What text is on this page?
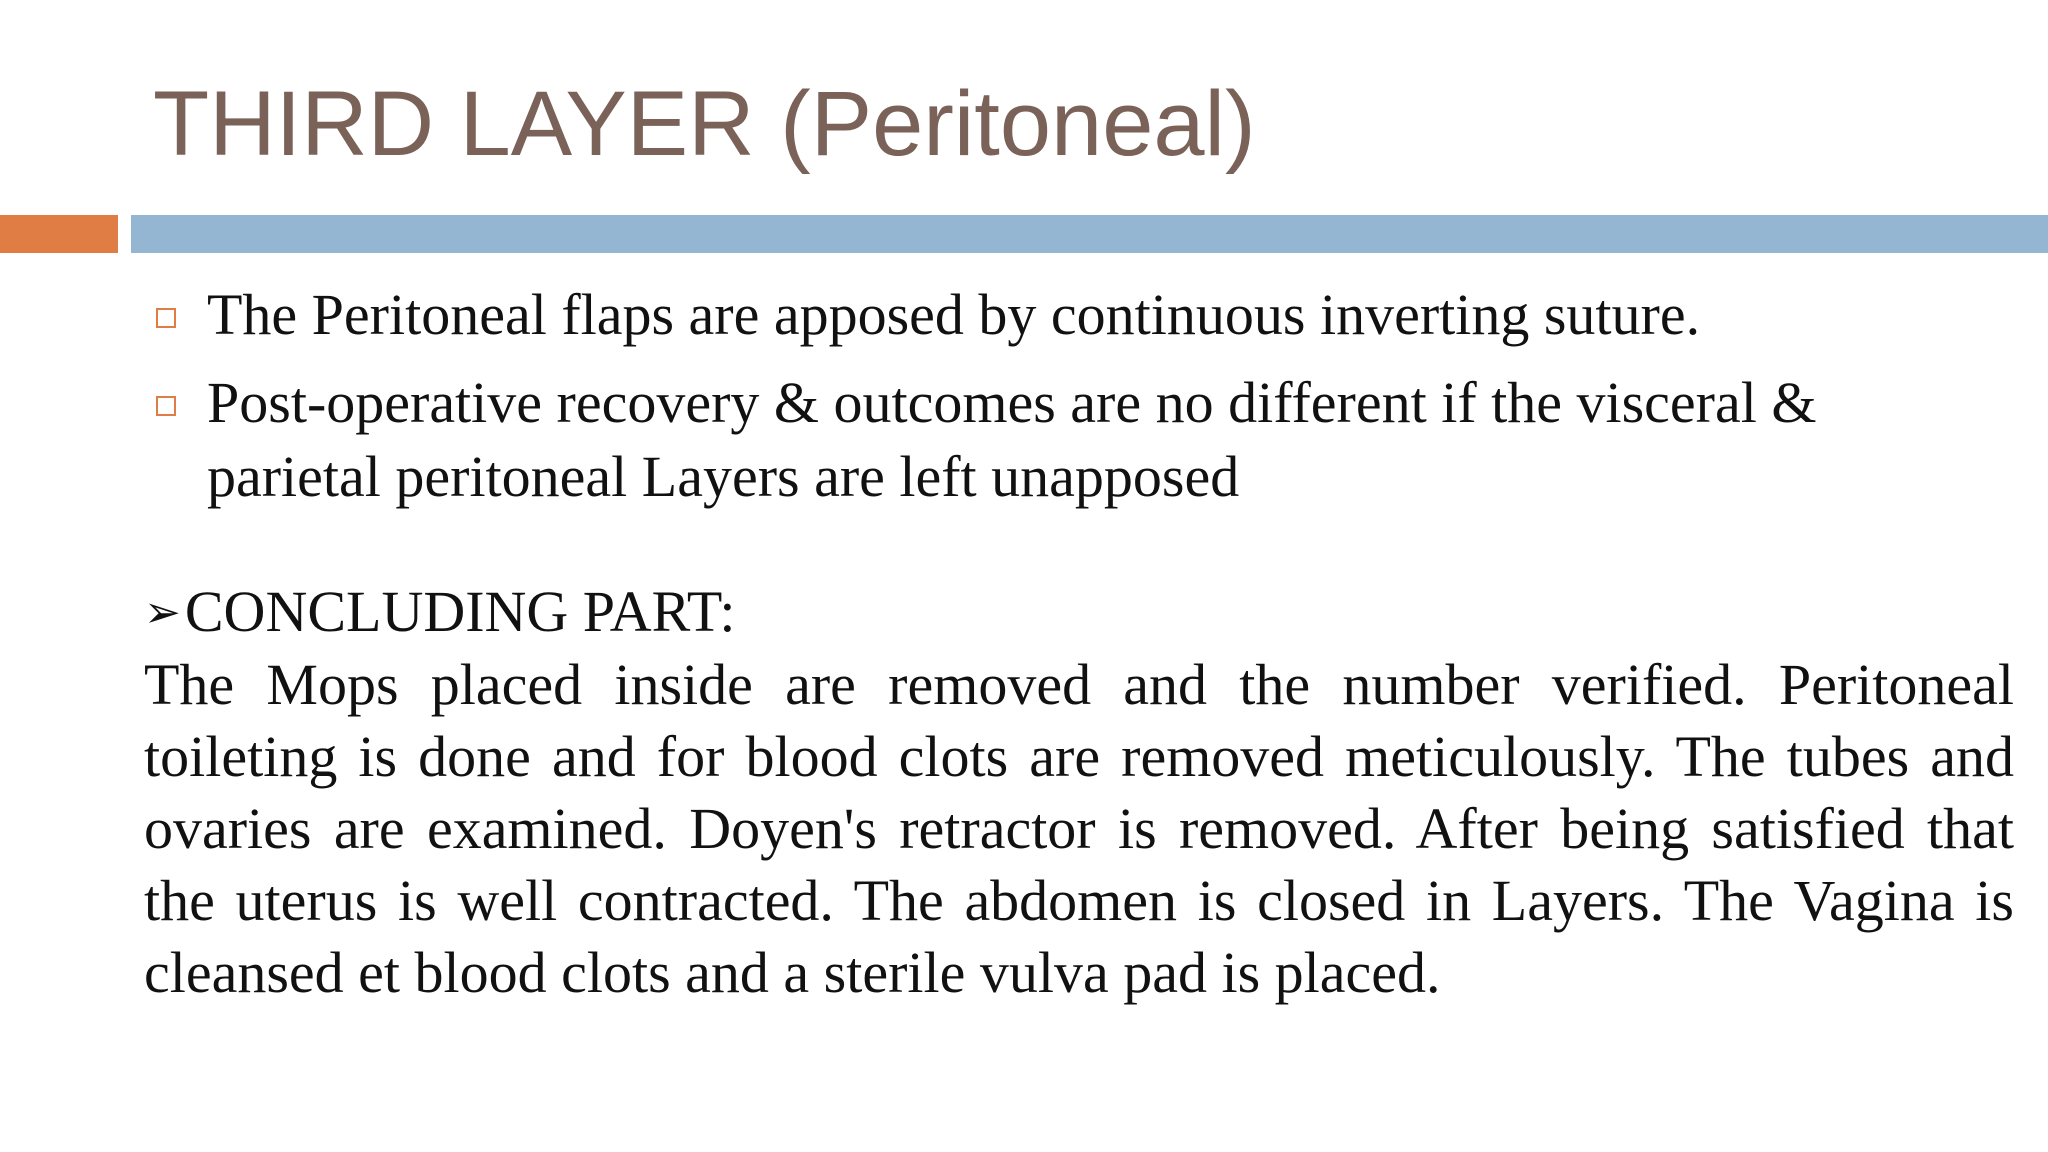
THIRD LAYER (Peritoneal)
The Peritoneal flaps are apposed by continuous inverting suture.
Post-operative recovery & outcomes are no different if the visceral & parietal peritoneal Layers are left unapposed
➢CONCLUDING PART:
The Mops placed inside are removed and the number verified. Peritoneal toileting is done and for blood clots are removed meticulously. The tubes and ovaries are examined. Doyen's retractor is removed. After being satisfied that the uterus is well contracted. The abdomen is closed in Layers. The Vagina is cleansed et blood clots and a sterile vulva pad is placed.
